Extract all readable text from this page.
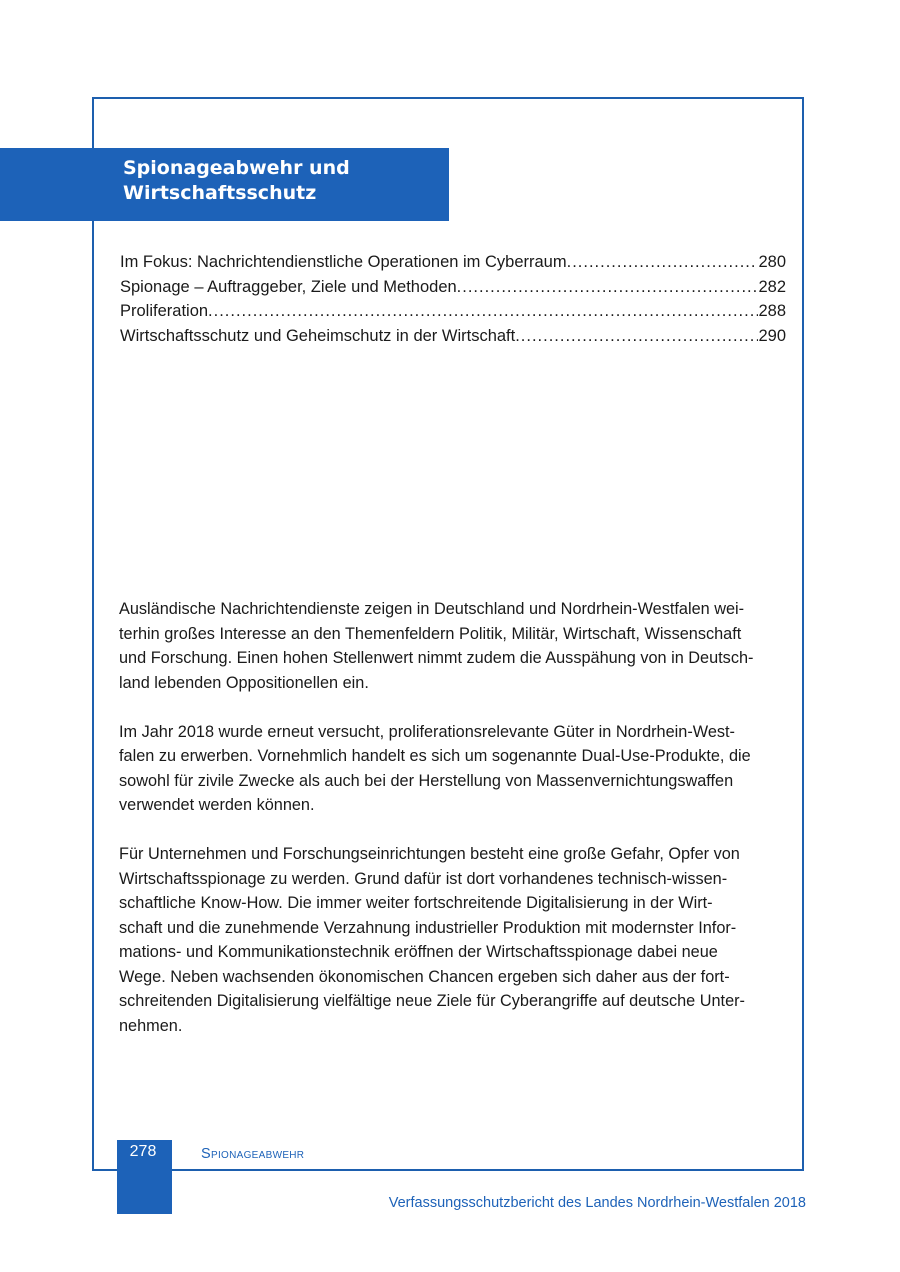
Spionageabwehr und
Wirtschaftsschutz
Im Fokus: Nachrichtendienstliche Operationen im Cyberraum .....	280
Spionage – Auftraggeber, Ziele und Methoden .....	282
Proliferation .....	288
Wirtschaftsschutz und Geheimschutz in der Wirtschaft .....	290

Ausländische Nachrichtendienste zeigen in Deutschland und Nordrhein-Westfalen wei-
terhin großes Interesse an den Themenfeldern Politik, Militär, Wirtschaft, Wissenschaft
und Forschung. Einen hohen Stellenwert nimmt zudem die Ausspähung von in Deutsch-
land lebenden Oppositionellen ein.

Im Jahr 2018 wurde erneut versucht, proliferationsrelevante Güter in Nordrhein-West-
falen zu erwerben. Vornehmlich handelt es sich um sogenannte Dual-Use-Produkte, die
sowohl für zivile Zwecke als auch bei der Herstellung von Massenvernichtungswaffen
verwendet werden können.

Für Unternehmen und Forschungseinrichtungen besteht eine große Gefahr, Opfer von
Wirtschaftsspionage zu werden. Grund dafür ist dort vorhandenes technisch-wissen-
schaftliche Know-How. Die immer weiter fortschreitende Digitalisierung in der Wirt-
schaft und die zunehmende Verzahnung industrieller Produktion mit modernster Infor-
mations- und Kommunikationstechnik eröffnen der Wirtschaftsspionage dabei neue
Wege. Neben wachsenden ökonomischen Chancen ergeben sich daher aus der fort-
schreitenden Digitalisierung vielfältige neue Ziele für Cyberangriffe auf deutsche Unter-
nehmen.

278	Spionageabwehr
Verfassungsschutzbericht des Landes Nordrhein-Westfalen 2018
